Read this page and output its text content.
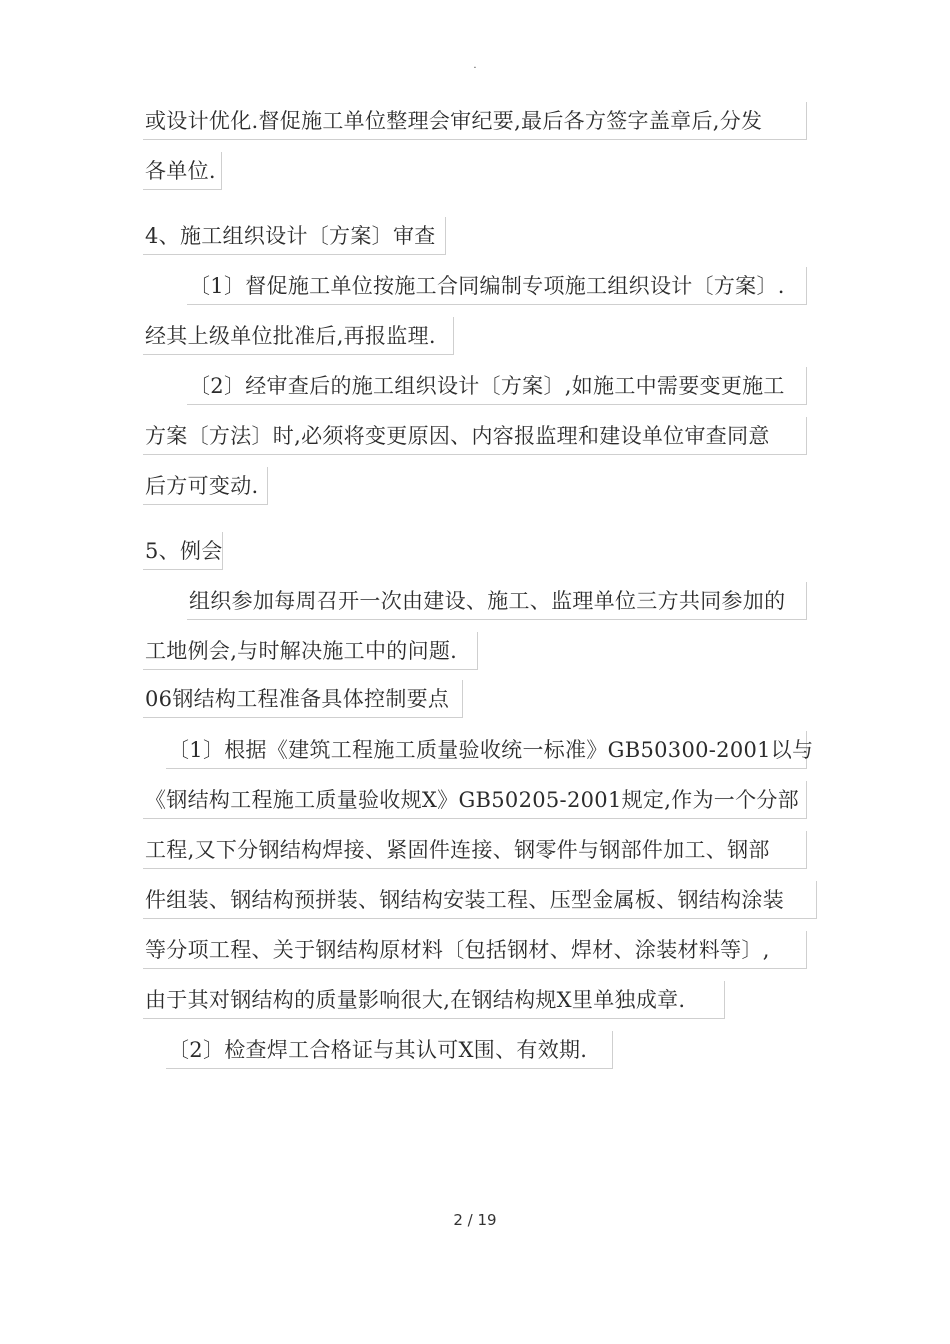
.
或设计优化.督促施工单位整理会审纪要,最后各方签字盖章后,分发
各单位.
4、施工组织设计〔方案〕审查
〔1〕督促施工单位按施工合同编制专项施工组织设计〔方案〕.
经其上级单位批准后,再报监理.
〔2〕经审查后的施工组织设计〔方案〕,如施工中需要变更施工
方案〔方法〕时,必须将变更原因、内容报监理和建设单位审查同意
后方可变动.
5、例会
组织参加每周召开一次由建设、施工、监理单位三方共同参加的
工地例会,与时解决施工中的问题.
06钢结构工程准备具体控制要点
〔1〕根据《建筑工程施工质量验收统一标准》GB50300-2001以与
《钢结构工程施工质量验收规X》GB50205-2001规定,作为一个分部
工程,又下分钢结构焊接、紧固件连接、钢零件与钢部件加工、钢部
件组装、钢结构预拼装、钢结构安装工程、压型金属板、钢结构涂装
等分项工程、关于钢结构原材料〔包括钢材、焊材、涂装材料等〕,
由于其对钢结构的质量影响很大,在钢结构规X里单独成章.
〔2〕检查焊工合格证与其认可X围、有效期.
2 / 19
